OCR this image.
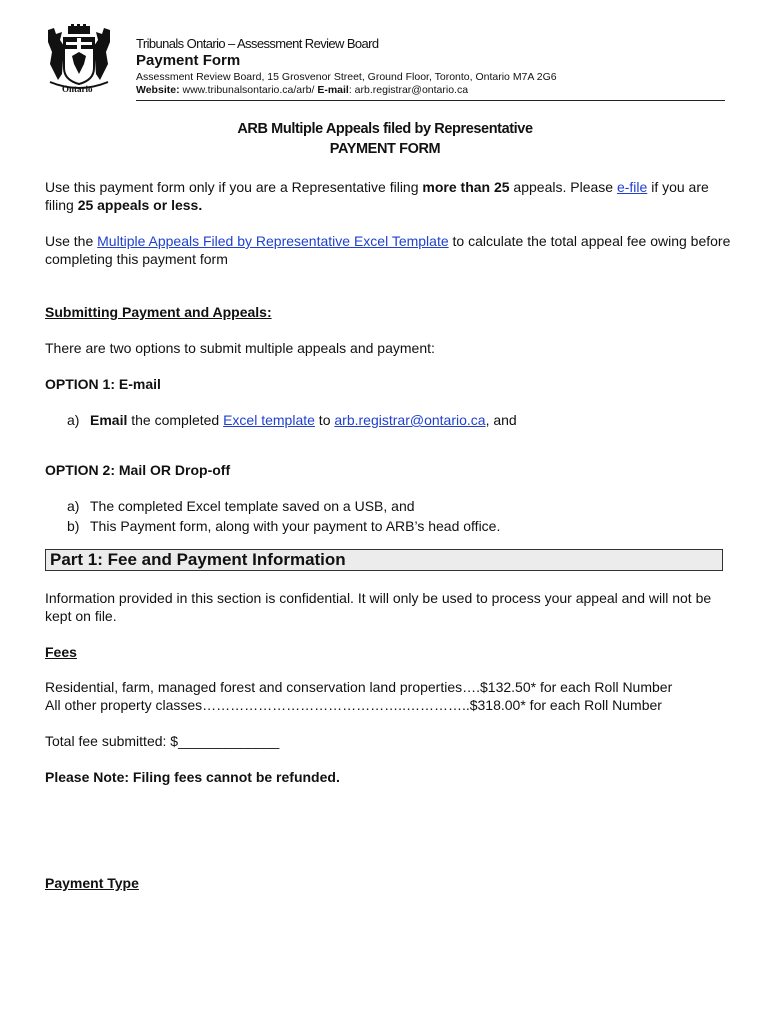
Ontario
Tribunals Ontario – Assessment Review Board
Payment Form
Assessment Review Board, 15 Grosvenor Street, Ground Floor, Toronto, Ontario M7A 2G6
Website: www.tribunalsontario.ca/arb/ E-mail: arb.registrar@ontario.ca
ARB Multiple Appeals filed by Representative
PAYMENT FORM
Use this payment form only if you are a Representative filing more than 25 appeals. Please e-file if you are filing 25 appeals or less.
Use the Multiple Appeals Filed by Representative Excel Template to calculate the total appeal fee owing before completing this payment form
Submitting Payment and Appeals:
There are two options to submit multiple appeals and payment:
OPTION 1: E-mail
a) Email the completed Excel template to arb.registrar@ontario.ca, and
OPTION 2: Mail OR Drop-off
a) The completed Excel template saved on a USB, and
b) This Payment form, along with your payment to ARB’s head office.
Part 1: Fee and Payment Information
Information provided in this section is confidential. It will only be used to process your appeal and will not be kept on file.
Fees
Residential, farm, managed forest and conservation land properties….$132.50* for each Roll Number
All other property classes……………………………………..…………..$318.00* for each Roll Number
Total fee submitted: $_____________
Please Note: Filing fees cannot be refunded.
Payment Type
